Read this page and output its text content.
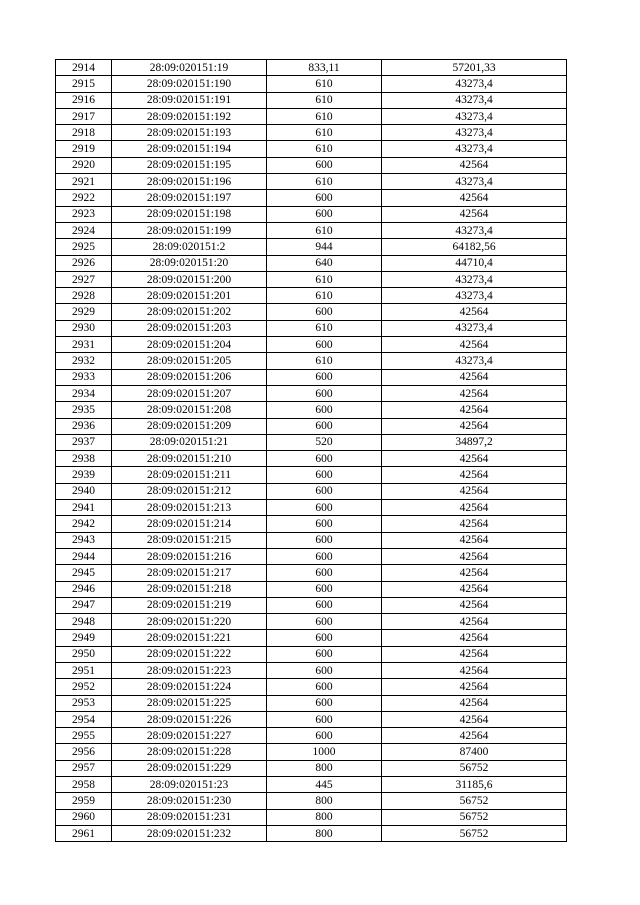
2914	28:09:020151:19	833,11	57201,33
2915	28:09:020151:190	610	43273,4
2916	28:09:020151:191	610	43273,4
2917	28:09:020151:192	610	43273,4
2918	28:09:020151:193	610	43273,4
2919	28:09:020151:194	610	43273,4
2920	28:09:020151:195	600	42564
2921	28:09:020151:196	610	43273,4
2922	28:09:020151:197	600	42564
2923	28:09:020151:198	600	42564
2924	28:09:020151:199	610	43273,4
2925	28:09:020151:2	944	64182,56
2926	28:09:020151:20	640	44710,4
2927	28:09:020151:200	610	43273,4
2928	28:09:020151:201	610	43273,4
2929	28:09:020151:202	600	42564
2930	28:09:020151:203	610	43273,4
2931	28:09:020151:204	600	42564
2932	28:09:020151:205	610	43273,4
2933	28:09:020151:206	600	42564
2934	28:09:020151:207	600	42564
2935	28:09:020151:208	600	42564
2936	28:09:020151:209	600	42564
2937	28:09:020151:21	520	34897,2
2938	28:09:020151:210	600	42564
2939	28:09:020151:211	600	42564
2940	28:09:020151:212	600	42564
2941	28:09:020151:213	600	42564
2942	28:09:020151:214	600	42564
2943	28:09:020151:215	600	42564
2944	28:09:020151:216	600	42564
2945	28:09:020151:217	600	42564
2946	28:09:020151:218	600	42564
2947	28:09:020151:219	600	42564
2948	28:09:020151:220	600	42564
2949	28:09:020151:221	600	42564
2950	28:09:020151:222	600	42564
2951	28:09:020151:223	600	42564
2952	28:09:020151:224	600	42564
2953	28:09:020151:225	600	42564
2954	28:09:020151:226	600	42564
2955	28:09:020151:227	600	42564
2956	28:09:020151:228	1000	87400
2957	28:09:020151:229	800	56752
2958	28:09:020151:23	445	31185,6
2959	28:09:020151:230	800	56752
2960	28:09:020151:231	800	56752
2961	28:09:020151:232	800	56752
